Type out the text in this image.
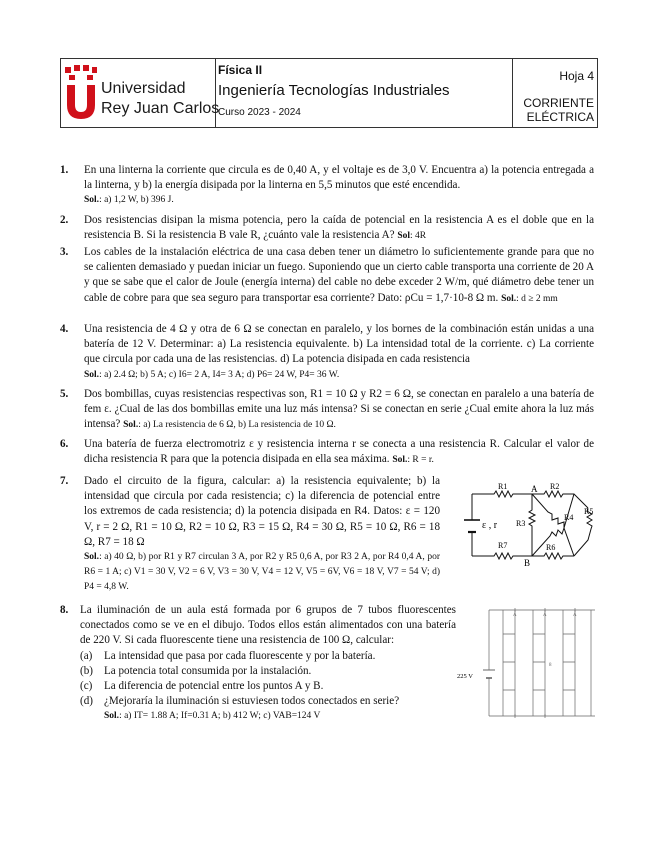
Universidad
Rey Juan Carlos
Física II
Ingeniería Tecnologías Industriales
Curso 2023 - 2024
Hoja 4
CORRIENTE
ELÉCTRICA
1. En una linterna la corriente que circula es de 0,40 A, y el voltaje es de 3,0 V. Encuentra a) la potencia entregada a la linterna, y b) la energía disipada por la linterna en 5,5 minutos que esté encendida.
Sol.: a) 1,2 W, b) 396 J.
2. Dos resistencias disipan la misma potencia, pero la caída de potencial en la resistencia A es el doble que en la resistencia B. Si la resistencia B vale R, ¿cuánto vale la resistencia A? Sol: 4R
3. Los cables de la instalación eléctrica de una casa deben tener un diámetro lo suficientemente grande para que no se calienten demasiado y puedan iniciar un fuego. Suponiendo que un cierto cable transporta una corriente de 20 A y que se sabe que el calor de Joule (energía interna) del cable no debe exceder 2 W/m, qué diámetro debe tener un cable de cobre para que sea seguro para transportar esa corriente? Dato: ρCu = 1,7·10-8 Ω m. Sol.: d ≥ 2 mm
4. Una resistencia de 4 Ω y otra de 6 Ω se conectan en paralelo, y los bornes de la combinación están unidas a una batería de 12 V. Determinar: a) La resistencia equivalente. b) La intensidad total de la corriente. c) La corriente que circula por cada una de las resistencias. d) La potencia disipada en cada resistencia
Sol.: a) 2.4 Ω; b) 5 A; c) I6= 2 A, I4= 3 A; d) P6= 24 W, P4= 36 W.
5. Dos bombillas, cuyas resistencias respectivas son, R1 = 10 Ω y R2 = 6 Ω, se conectan en paralelo a una batería de fem ε. ¿Cual de las dos bombillas emite una luz más intensa? Si se conectan en serie ¿Cual emite ahora la luz más intensa? Sol.: a) La resistencia de 6 Ω, b) La resistencia de 10 Ω.
6. Una batería de fuerza electromotriz ε y resistencia interna r se conecta a una resistencia R. Calcular el valor de dicha resistencia R para que la potencia disipada en ella sea máxima. Sol.: R = r.
7. Dado el circuito de la figura, calcular: a) la resistencia equivalente; b) la intensidad que circula por cada resistencia; c) la diferencia de potencial entre los extremos de cada resistencia; d) la potencia disipada en R4. Datos: ε = 120 V, r = 2 Ω, R1 = 10 Ω, R2 = 10 Ω, R3 = 15 Ω, R4 = 30 Ω, R5 = 10 Ω, R6 = 18 Ω, R7 = 18 Ω
Sol.: a) 40 Ω, b) por R1 y R7 circulan 3 A, por R2 y R5 0,6 A, por R3 2 A, por R4 0,4 A, por R6 = 1 A; c) V1 = 30 V, V2 = 6 V, V3 = 30 V, V4 = 12 V, V5 = 6V, V6 = 18 V, V7 = 54 V; d) P4 = 4,8 W.
R1	R2
A
R3
R4
R5
ε , r
R7
B
R6
8. La iluminación de un aula está formada por 6 grupos de 7 tubos fluorescentes conectados como se ve en el dibujo. Todos ellos están alimentados con una batería de 220 V. Si cada fluorescente tiene una resistencia de 100 Ω, calcular:
(a)	La intensidad que pasa por cada fluorescente y por la batería.
(b) La potencia total consumida por la instalación.
(c)	La diferencia de potencial entre los puntos A y B.
(d) ¿Mejoraría la iluminación si estuviesen todos conectados en serie?
Sol.: a) IT= 1.88 A; If=0.31 A; b) 412 W; c) VAB=124 V
A	A	A
8
225 V
